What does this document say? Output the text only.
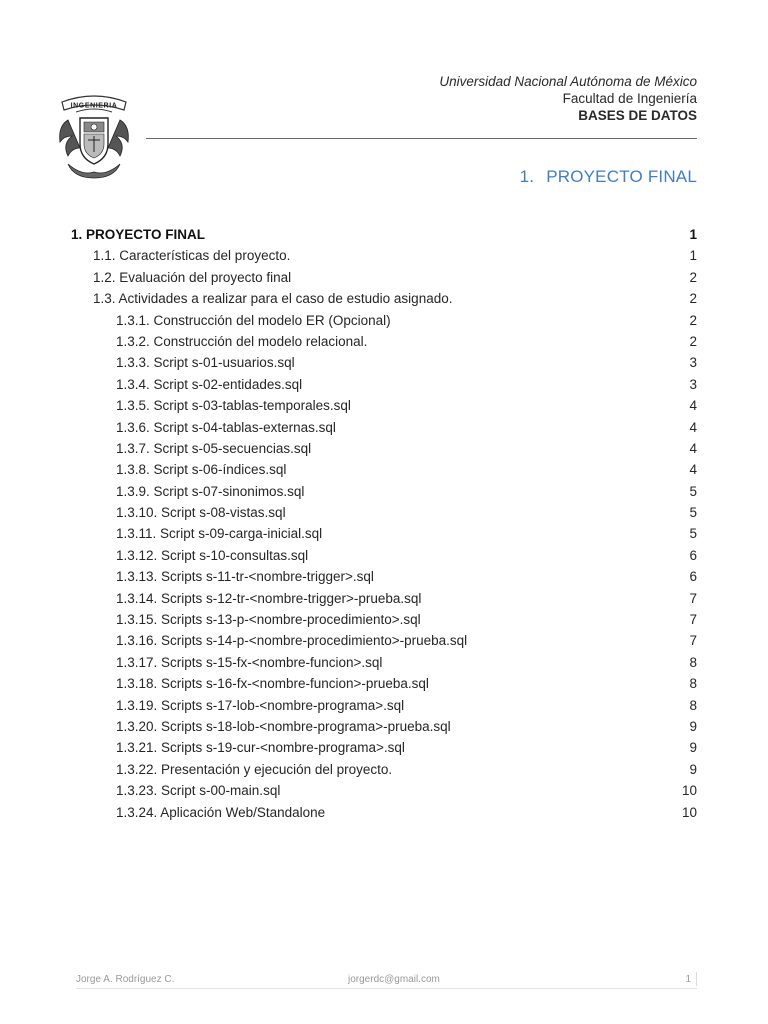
INGENIERIA
Universidad Nacional Autónoma de México
Facultad de Ingeniería
BASES DE DATOS
1. PROYECTO FINAL
1. PROYECTO FINAL	1
1.1. Características del proyecto.	1
1.2. Evaluación del proyecto final	2
1.3. Actividades a realizar para el caso de estudio asignado.	2
1.3.1. Construcción del modelo ER (Opcional)	2
1.3.2. Construcción del modelo relacional.	2
1.3.3. Script s-01-usuarios.sql	3
1.3.4. Script s-02-entidades.sql	3
1.3.5. Script s-03-tablas-temporales.sql	4
1.3.6. Script s-04-tablas-externas.sql	4
1.3.7. Script s-05-secuencias.sql	4
1.3.8. Script s-06-índices.sql	4
1.3.9. Script s-07-sinonimos.sql	5
1.3.10. Script s-08-vistas.sql	5
1.3.11. Script s-09-carga-inicial.sql	5
1.3.12. Script s-10-consultas.sql	6
1.3.13. Scripts s-11-tr-<nombre-trigger>.sql	6
1.3.14. Scripts s-12-tr-<nombre-trigger>-prueba.sql	7
1.3.15. Scripts s-13-p-<nombre-procedimiento>.sql	7
1.3.16. Scripts s-14-p-<nombre-procedimiento>-prueba.sql	7
1.3.17. Scripts s-15-fx-<nombre-funcion>.sql	8
1.3.18. Scripts s-16-fx-<nombre-funcion>-prueba.sql	8
1.3.19. Scripts s-17-lob-<nombre-programa>.sql	8
1.3.20. Scripts s-18-lob-<nombre-programa>-prueba.sql	9
1.3.21. Scripts s-19-cur-<nombre-programa>.sql	9
1.3.22. Presentación y ejecución del proyecto.	9
1.3.23. Script s-00-main.sql	10
1.3.24. Aplicación Web/Standalone	10
Jorge A. Rodríguez C.	jorgerdc@gmail.com	1
